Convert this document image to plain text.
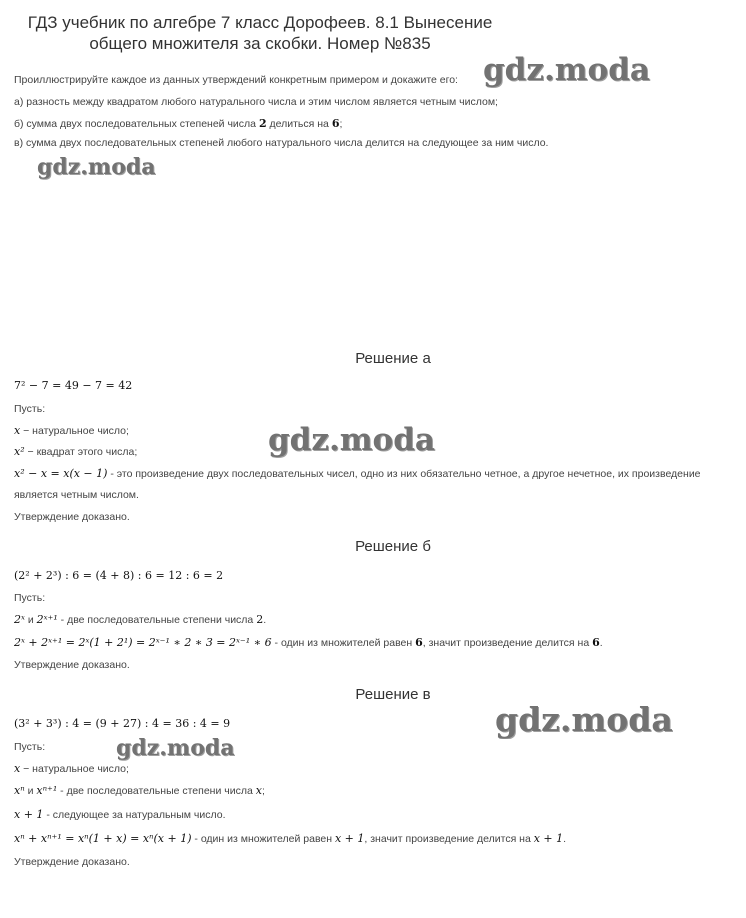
ГДЗ учебник по алгебре 7 класс Дорофеев. 8.1 Вынесение
общего множителя за скобки. Номер №835
Проиллюстрируйте каждое из данных утверждений конкретным примером и докажите его:
а) разность между квадратом любого натурального числа и этим числом является четным числом;
б) сумма двух последовательных степеней числа 2 делиться на 6;
в) сумма двух последовательных степеней любого натурального числа делится на следующее за ним число.
gdz.moda
gdz.moda
gdz.moda
gdz.moda
gdz.moda
Решение а
7² − 7 = 49 − 7 = 42
Пусть:
x − натуральное число;
x² − квадрат этого числа;
x² − x = x(x − 1) - это произведение двух последовательных чисел, одно из них обязательно четное, а другое нечетное, их произведение
является четным числом.
Утверждение доказано.
Решение б
(2² + 2³) : 6 = (4 + 8) : 6 = 12 : 6 = 2
Пусть:
2ˣ и 2ˣ⁺¹ - две последовательные степени числа 2.
2ˣ + 2ˣ⁺¹ = 2ˣ(1 + 2¹) = 2ˣ⁻¹ ∗ 2 ∗ 3 = 2ˣ⁻¹ ∗ 6 - один из множителей равен 6, значит произведение делится на 6.
Утверждение доказано.
Решение в
(3² + 3³) : 4 = (9 + 27) : 4 = 36 : 4 = 9
Пусть:
x − натуральное число;
xⁿ и xⁿ⁺¹ - две последовательные степени числа x;
x + 1 - следующее за натуральным число.
xⁿ + xⁿ⁺¹ = xⁿ(1 + x) = xⁿ(x + 1) - один из множителей равен x + 1, значит произведение делится на x + 1.
Утверждение доказано.
